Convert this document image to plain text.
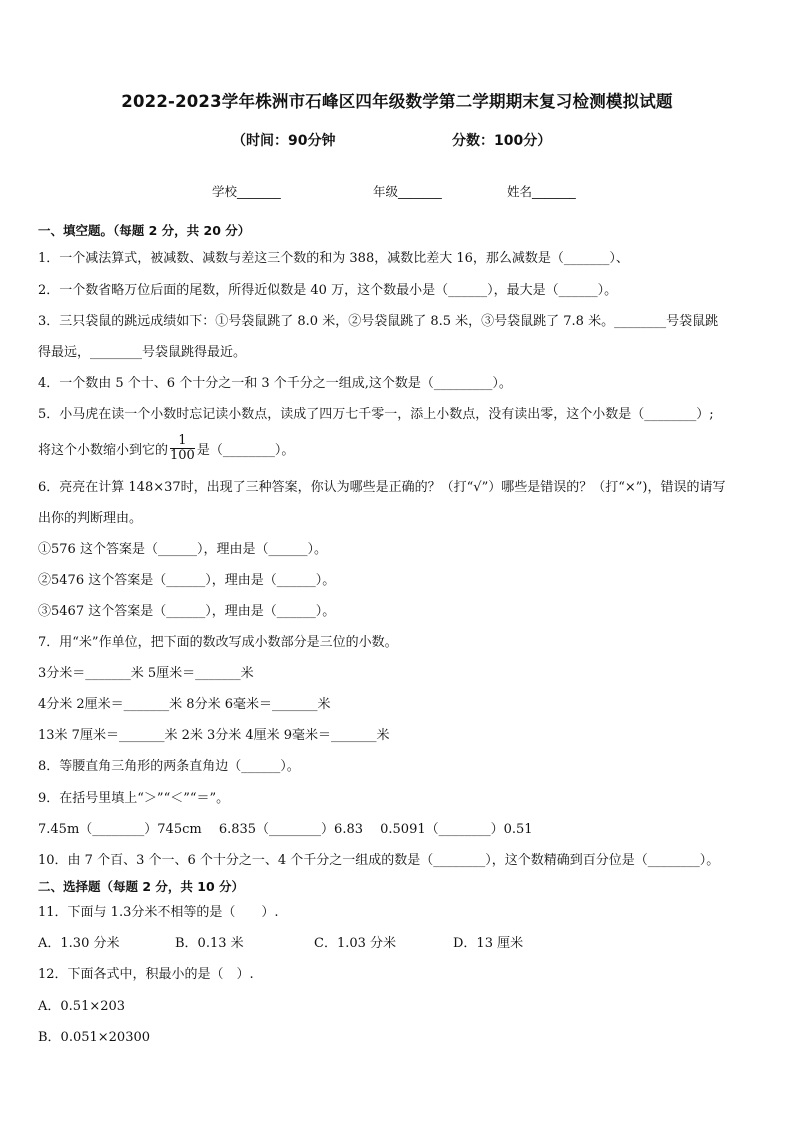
2022-2023学年株洲市石峰区四年级数学第二学期期末复习检测模拟试题
（时间：90分钟	分数：100分）
学校_______	年级_______	姓名_______
一、填空题。（每题 2 分，共 20 分）
1．一个减法算式，被减数、减数与差这三个数的和为 388，减数比差大 16，那么减数是（_______）、
2．一个数省略万位后面的尾数，所得近似数是 40 万，这个数最小是（______），最大是（______）。
3．三只袋鼠的跳远成绩如下：①号袋鼠跳了 8.0 米，②号袋鼠跳了 8.5 米，③号袋鼠跳了 7.8 米。________号袋鼠跳
得最远，________号袋鼠跳得最近。
4．一个数由 5 个十、6 个十分之一和 3 个千分之一组成,这个数是（_________）。
5．小马虎在读一个小数时忘记读小数点，读成了四万七千零一，添上小数点，没有读出零，这个小数是（________）;
将这个小数缩小到它的 $\frac{1}{100}$ 是（________）。
6．亮亮在计算 148×37时，出现了三种答案，你认为哪些是正确的？（打“√”）哪些是错误的？（打“×”)，错误的请写
出你的判断理由。
①576 这个答案是（______），理由是（______）。
②5476 这个答案是（______），理由是（______）。
③5467 这个答案是（______），理由是（______）。
7．用“米”作单位，把下面的数改写成小数部分是三位的小数。
3分米＝_______米 5厘米＝_______米
4分米 2厘米＝_______米 8分米 6毫米＝_______米
13米 7厘米＝_______米 2米 3分米 4厘米 9毫米＝_______米
8．等腰直角三角形的两条直角边（______）。
9．在括号里填上“＞”“＜”“＝”。
7.45m（________）745cm　 6.835（________）6.83　 0.5091（________）0.51
10．由 7 个百、3 个一、6 个十分之一、4 个千分之一组成的数是（________），这个数精确到百分位是（________）。
二、选择题（每题 2 分，共 10 分）
11．下面与 1.3分米不相等的是（　　）.
A．1.30 分米	B．0.13 米	C．1.03 分米	D．13 厘米
12．下面各式中，积最小的是（　）.
A．0.51×203
B．0.051×20300
